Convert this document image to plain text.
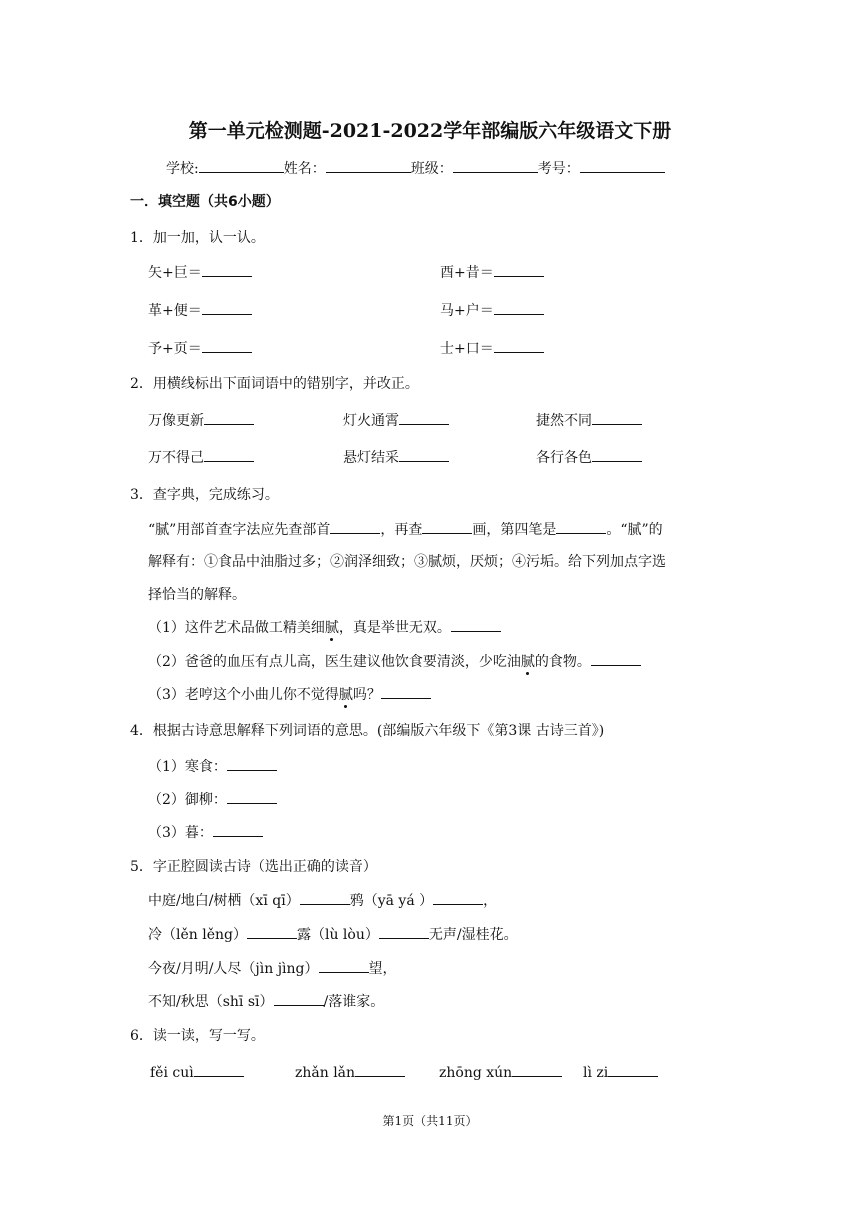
第一单元检测题-2021-2022学年部编版六年级语文下册
学校:	姓名：	班级：	考号：
一．填空题（共6小题）
1．加一加，认一认。
矢+巨＝	酉+昔＝
革+便＝	马+户＝
予+页＝	士+口＝
2．用横线标出下面词语中的错别字，并改正。
万像更新	灯火通霄	捷然不同
万不得己	悬灯结采	各行各色
3．查字典，完成练习。
“腻”用部首查字法应先查部首	，再查	画，第四笔是	。“腻”的
解释有：①食品中油脂过多；②润泽细致；③腻烦，厌烦；④污垢。给下列加点字选
择恰当的解释。
（1）这件艺术品做工精美细腻，真是举世无双。
（2）爸爸的血压有点儿高，医生建议他饮食要清淡，少吃油腻的食物。
（3）老哼这个小曲儿你不觉得腻吗？
4．根据古诗意思解释下列词语的意思。(部编版六年级下《第3课 古诗三首》)
（1）寒食：
（2）御柳：
（3）暮：
5．字正腔圆读古诗（选出正确的读音）
中庭/地白/树栖（xī qī）	鸦（yā yá ）	，
冷（lěn lěng）	露（lù lòu）	无声/湿桂花。
今夜/月明/人尽（jìn jìng）	望，
不知/秋思（shī sī）	/落谁家。
6．读一读，写一写。
fěi cuì	zhǎn lǎn	zhōng xún	lì zi
第1页（共11页）
